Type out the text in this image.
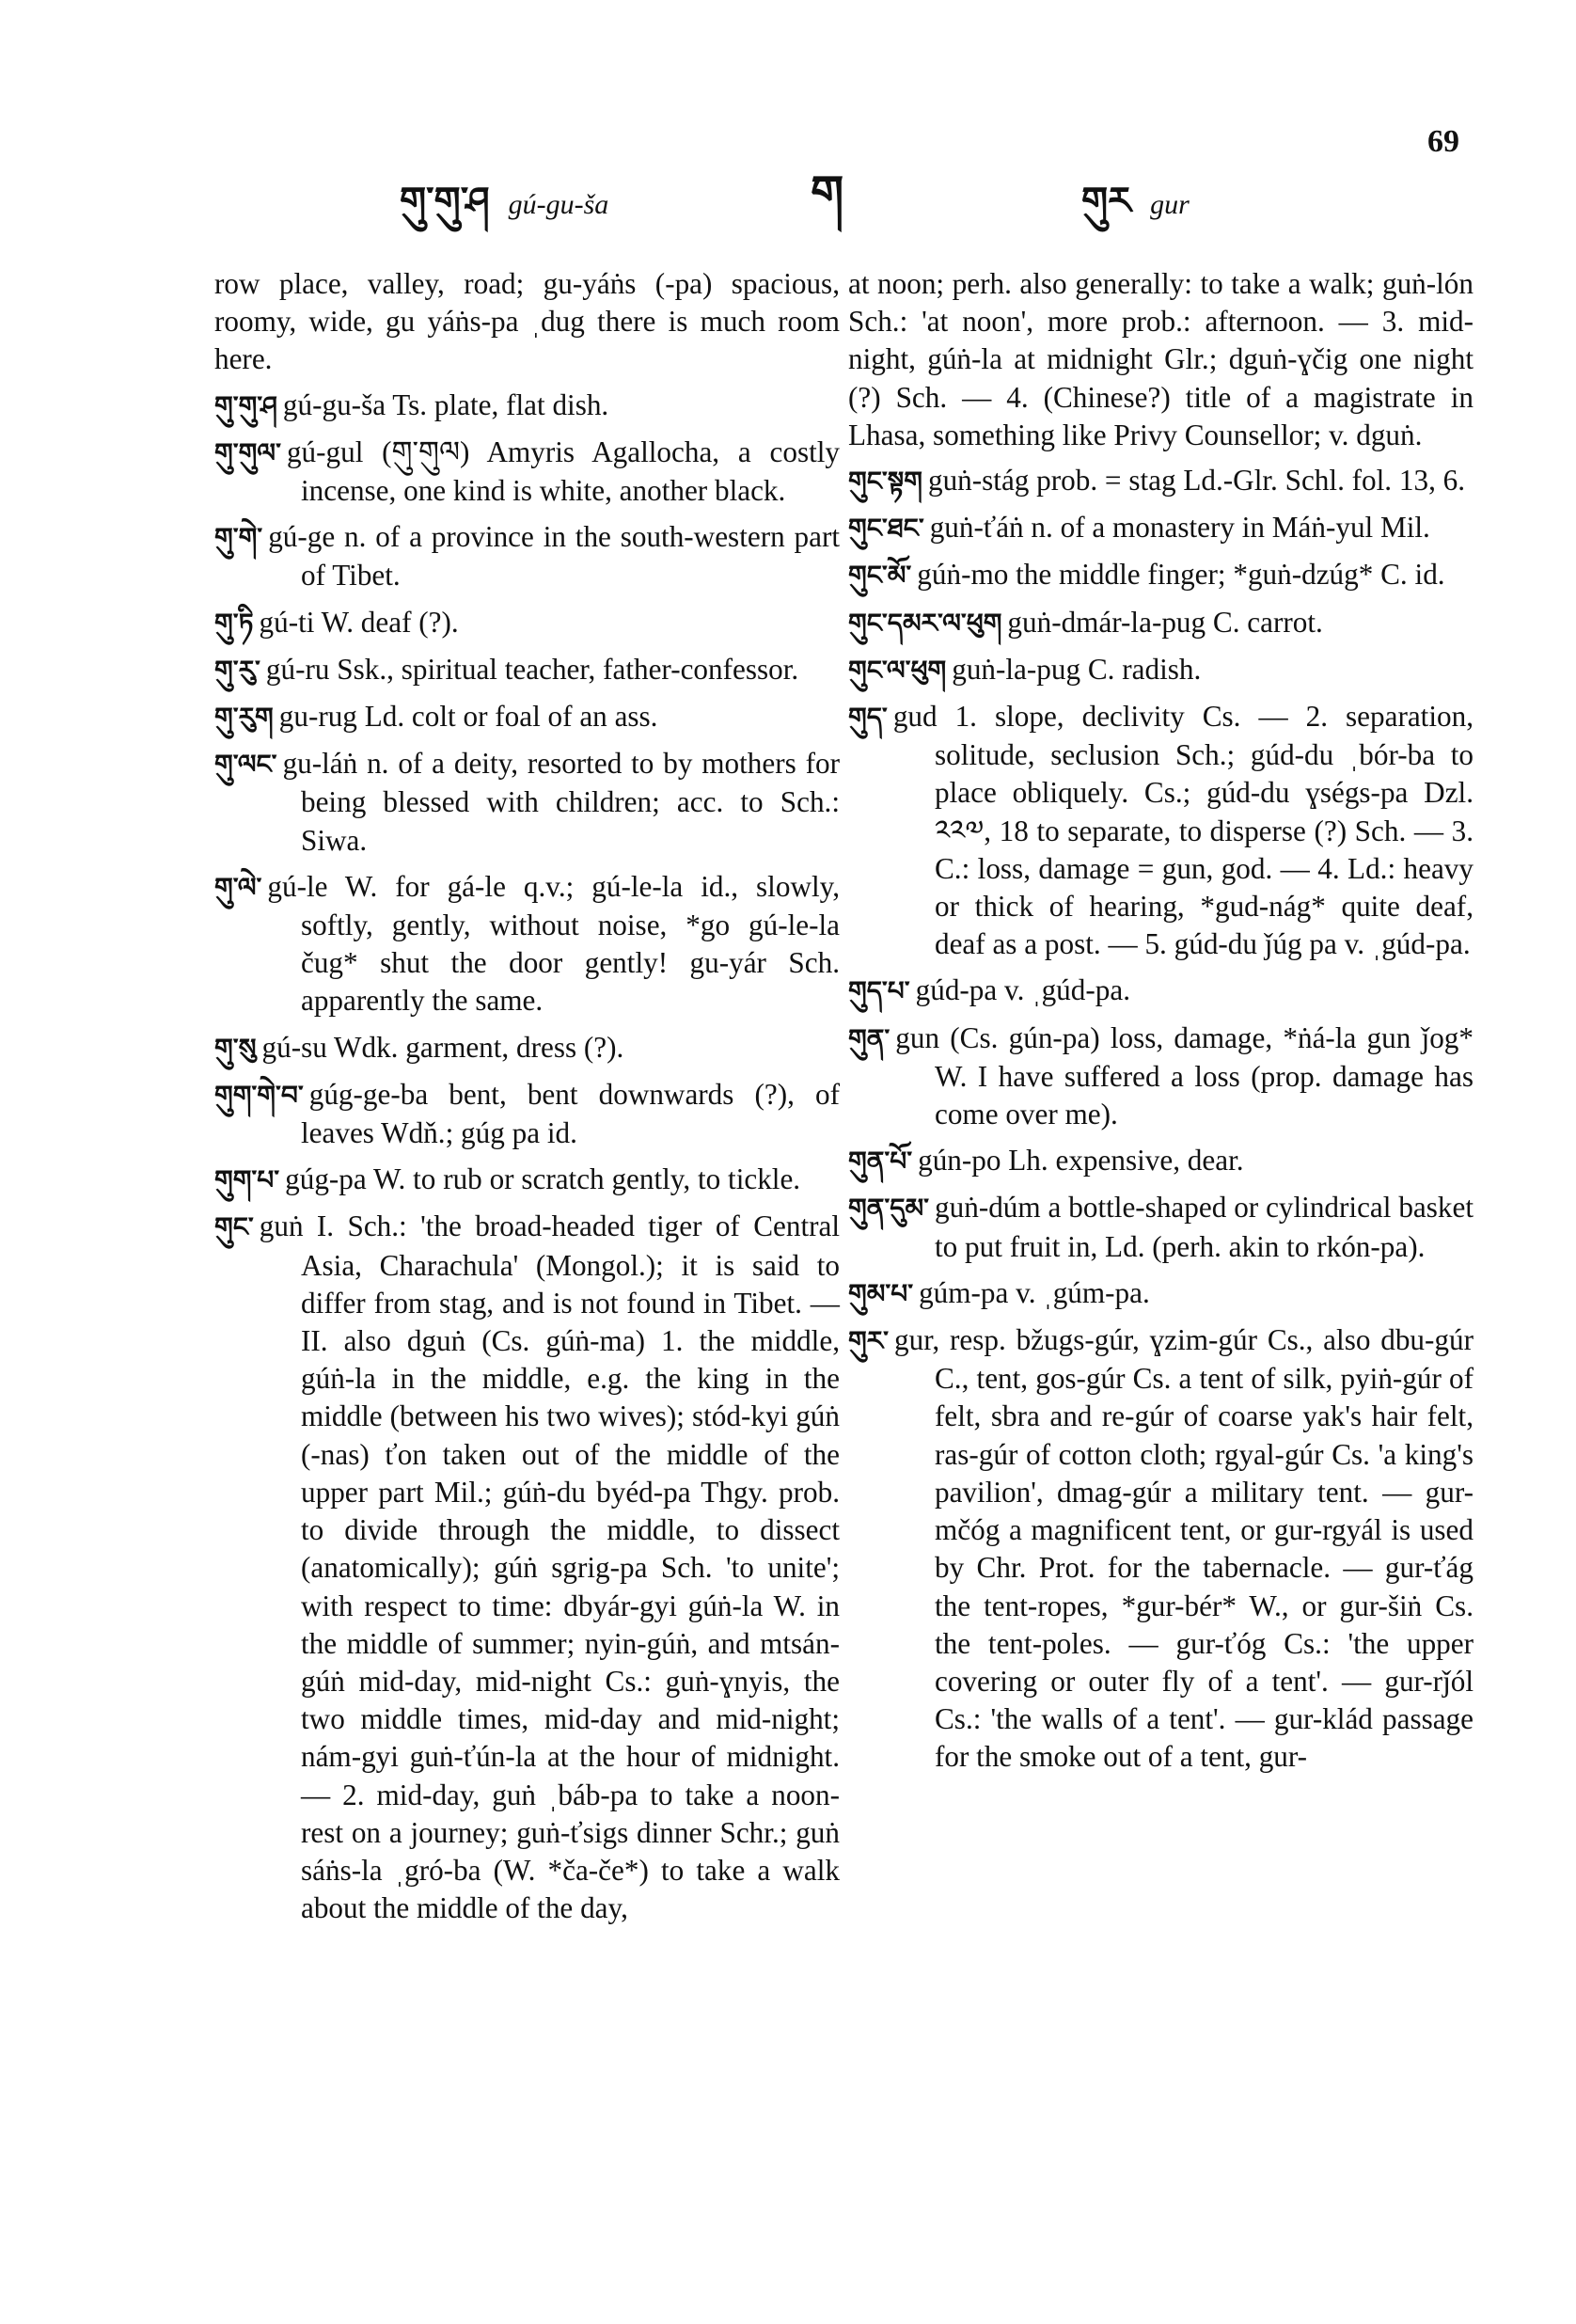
གུ་གུ་ཤ gú-gu-ša	ག	གུར gur
69

row place, valley, road; gu-yáṅs (-pa) spacious, roomy, wide, gu yáṅs-pa ˌdug there is much room here.

གུ་གུ་ཤ gú-gu-ša Ts. plate, flat dish.
གུ་གུལ་ gú-gul (གུ་གུལ) Amyris Agallocha, a costly incense, one kind is white, another black.
གུ་གེ་ gú-ge n. of a province in the south-western part of Tibet.
གུ་ཏི gú-ti W. deaf (?).
གུ་རུ་ gú-ru Ssk., spiritual teacher, father-confessor.
གུ་རུག gu-rug Ld. colt or foal of an ass.
གུ་ལང་ gu-láṅ n. of a deity, resorted to by mothers for being blessed with children; acc. to Sch.: Siwa.
གུ་ལེ་ gú-le W. for gá-le q.v.; gú-le-la id., slowly, softly, gently, without noise, *go gú-le-la čug* shut the door gently! gu-yár Sch. apparently the same.
གུ་སུ gú-su Wdk. garment, dress (?).
གུག་གེ་བ་ gúg-ge-ba bent, bent downwards (?), of leaves Wdň.; gúg pa id.
གུག་པ་ gúg-pa W. to rub or scratch gently, to tickle.
གུང་ guṅ I. Sch.: 'the broad-headed tiger of Central Asia, Charachula' (Mongol.); it is said to differ from stag, and is not found in Tibet. — II. also dguṅ (Cs. gúṅ-ma) 1. the middle, gúṅ-la in the middle, e.g. the king in the middle (between his two wives); stód-kyi gúṅ (-nas) ťon taken out of the middle of the upper part Mil.; gúṅ-du byéd-pa Thgy. prob. to divide through the middle, to dissect (anatomically); gúṅ sgrig-pa Sch. 'to unite'; with respect to time: dbyár-gyi gúṅ-la W. in the middle of summer; nyin-gúṅ, and mtsán-gúṅ mid-day, mid-night Cs.: guṅ-ɣnyis, the two middle times, mid-day and mid-night; nám-gyi guṅ-ťún-la at the hour of midnight. — 2. mid-day, guṅ ˌbáb-pa to take a noon-rest on a journey; guṅ-ťsigs dinner Schr.; guṅ sáṅs-la ˌgró-ba (W. *ča-če*) to take a walk about the middle of the day,

at noon; perh. also generally: to take a walk; guṅ-lón Sch.: 'at noon', more prob.: afternoon. — 3. mid-night, gúṅ-la at midnight Glr.; dguṅ-ɣčig one night (?) Sch. — 4. (Chinese?) title of a magistrate in Lhasa, something like Privy Counsellor; v. dguṅ.

གུང་སྟག guṅ-stág prob. = stag Ld.-Glr. Schl. fol. 13, 6.
གུང་ཐང་ guṅ-ťáṅ n. of a monastery in Máṅ-yul Mil.
གུང་མོ་ gúṅ-mo the middle finger; *guṅ-dzúg* C. id.
གུང་དམར་ལ་ཕུག guṅ-dmár-la-pug C. carrot.
གུང་ལ་ཕུག guṅ-la-pug C. radish.
གུད་ gud 1. slope, declivity Cs. — 2. separation, solitude, seclusion Sch.; gúd-du ˌbór-ba to place obliquely. Cs.; gúd-du ɣségs-pa Dzl. ༢༢༧, 18 to separate, to disperse (?) Sch. — 3. C.: loss, damage = gun, god. — 4. Ld.: heavy or thick of hearing, *gud-nág* quite deaf, deaf as a post. — 5. gúd-du ǰúg pa v. ˌgúd-pa.
གུད་པ་ gúd-pa v. ˌgúd-pa.
གུན་ gun (Cs. gún-pa) loss, damage, *ṅá-la gun ǰog* W. I have suffered a loss (prop. damage has come over me).
གུན་པོ་ gún-po Lh. expensive, dear.
གུན་དུམ་ guṅ-dúm a bottle-shaped or cylindrical basket to put fruit in, Ld. (perh. akin to rkón-pa).
གུམ་པ་ gúm-pa v. ˌgúm-pa.
གུར་ gur, resp. bžugs-gúr, ɣzim-gúr Cs., also dbu-gúr C., tent, gos-gúr Cs. a tent of silk, pyiṅ-gúr of felt, sbra and re-gúr of coarse yak's hair felt, ras-gúr of cotton cloth; rgyal-gúr Cs. 'a king's pavilion', dmag-gúr a military tent. — gur-mčóg a magnificent tent, or gur-rgyál is used by Chr. Prot. for the tabernacle. — gur-ťág the tent-ropes, *gur-bér* W., or gur-šiṅ Cs. the tent-poles. — gur-ťóg Cs.: 'the upper covering or outer fly of a tent'. — gur-rǰól Cs.: 'the walls of a tent'. — gur-klád passage for the smoke out of a tent, gur-
